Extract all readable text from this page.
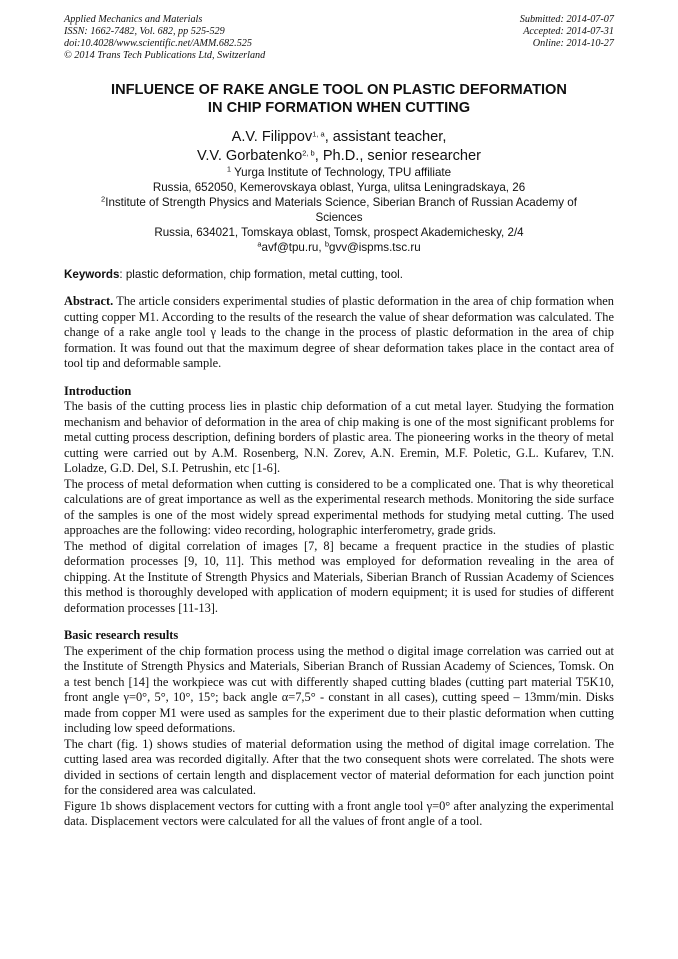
Applied Mechanics and Materials
ISSN: 1662-7482, Vol. 682, pp 525-529
doi:10.4028/www.scientific.net/AMM.682.525
© 2014 Trans Tech Publications Ltd, Switzerland
Submitted: 2014-07-07
Accepted: 2014-07-31
Online: 2014-10-27
INFLUENCE OF RAKE ANGLE TOOL ON PLASTIC DEFORMATION
IN CHIP FORMATION WHEN CUTTING
A.V. Filippov$^{1, a}$, assistant teacher,
V.V. Gorbatenko$^{2, b}$, Ph.D., senior researcher
$^1$ Yurga Institute of Technology, TPU affiliate
Russia, 652050, Kemerovskaya oblast, Yurga, ulitsa Leningradskaya, 26
$^2$Institute of Strength Physics and Materials Science, Siberian Branch of Russian Academy of
Sciences
Russia, 634021, Tomskaya oblast, Tomsk, prospect Akademichesky, 2/4
$^a$avf@tpu.ru, $^b$gvv@ispms.tsc.ru
Keywords: plastic deformation, chip formation, metal cutting, tool.

Abstract. The article considers experimental studies of plastic deformation in the area of chip formation when cutting copper M1. According to the results of the research the value of shear deformation was calculated. The change of a rake angle tool γ leads to the change in the process of plastic deformation in the area of chip formation. It was found out that the maximum degree of shear deformation takes place in the contact area of tool tip and deformable sample.

Introduction

The basis of the cutting process lies in plastic chip deformation of a cut metal layer. Studying the formation mechanism and behavior of deformation in the area of chip making is one of the most significant problems for metal cutting process description, defining borders of plastic area. The pioneering works in the theory of metal cutting were carried out by A.M. Rosenberg, N.N. Zorev, A.N. Eremin, M.F. Poletic, G.L. Kufarev, T.N. Loladze, G.D. Del, S.I. Petrushin, etc [1-6].

The process of metal deformation when cutting is considered to be a complicated one. That is why theoretical calculations are of great importance as well as the experimental research methods. Monitoring the side surface of the samples is one of the most widely spread experimental methods for studying metal cutting. The used approaches are the following: video recording, holographic interferometry, grade grids.

The method of digital correlation of images [7, 8] became a frequent practice in the studies of plastic deformation processes [9, 10, 11]. This method was employed for deformation revealing in the area of chipping. At the Institute of Strength Physics and Materials, Siberian Branch of Russian Academy of Sciences this method is thoroughly developed with application of modern equipment; it is used for studies of different deformation processes [11-13].

Basic research results

The experiment of the chip formation process using the method o digital image correlation was carried out at the Institute of Strength Physics and Materials, Siberian Branch of Russian Academy of Sciences, Tomsk. On a test bench [14] the workpiece was cut with differently shaped cutting blades (cutting part material T5K10, front angle γ=0°, 5°, 10°, 15°; back angle α=7,5° - constant in all cases), cutting speed – 13mm/min. Disks made from copper M1 were used as samples for the experiment due to their plastic deformation when cutting including low speed deformations.

The chart (fig. 1) shows studies of material deformation using the method of digital image correlation. The cutting lased area was recorded digitally. After that the two consequent shots were correlated. The shots were divided in sections of certain length and displacement vector of material deformation for each junction point for the considered area was calculated.

Figure 1b shows displacement vectors for cutting with a front angle tool γ=0° after analyzing the experimental data. Displacement vectors were calculated for all the values of front angle of a tool.
